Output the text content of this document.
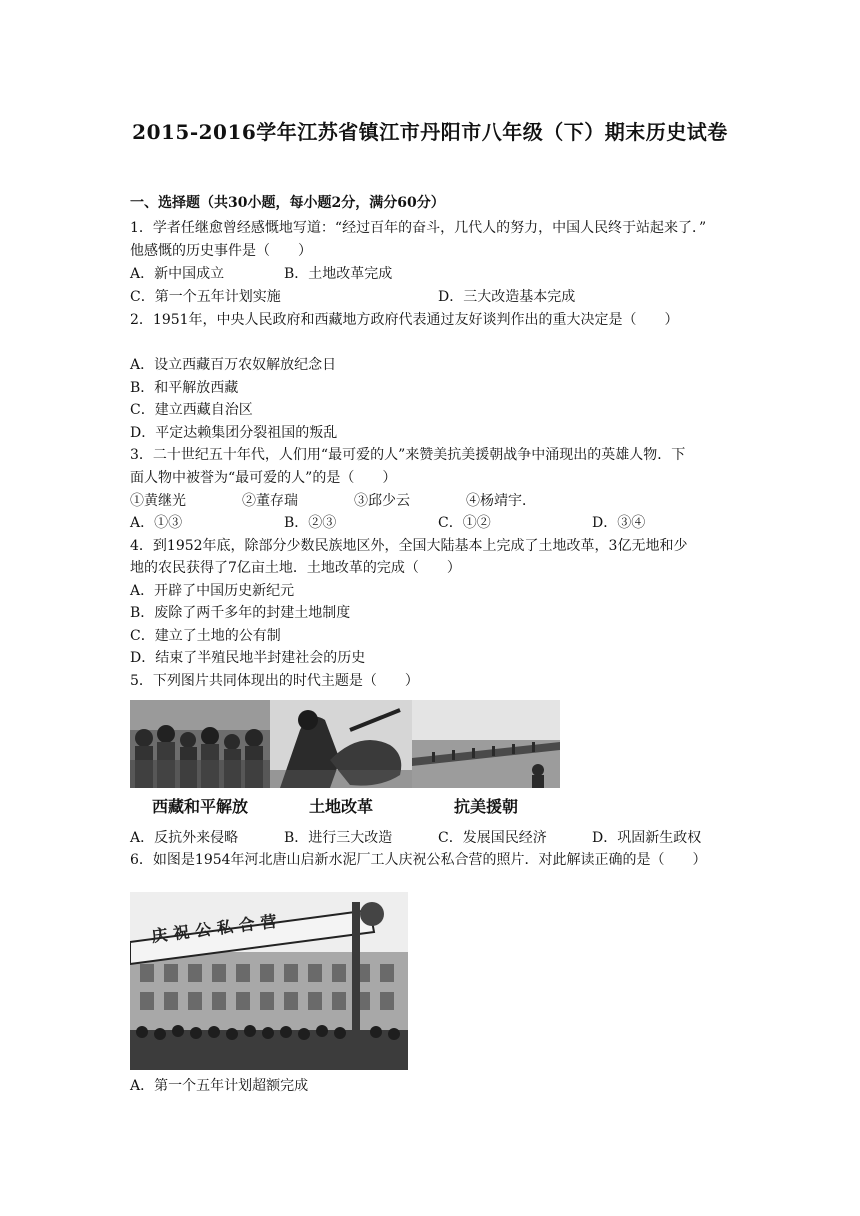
2015-2016学年江苏省镇江市丹阳市八年级（下）期末历史试卷
一、选择题（共30小题，每小题2分，满分60分）
1．学者任继愈曾经感慨地写道：“经过百年的奋斗，几代人的努力，中国人民终于站起来了．”
他感慨的历史事件是（　　）
A．新中国成立	B．土地改革完成
C．第一个五年计划实施	D．三大改造基本完成
2．1951年，中央人民政府和西藏地方政府代表通过友好谈判作出的重大决定是（　　）
A．设立西藏百万农奴解放纪念日
B．和平解放西藏
C．建立西藏自治区
D．平定达赖集团分裂祖国的叛乱
3．二十世纪五十年代，人们用“最可爱的人”来赞美抗美援朝战争中涌现出的英雄人物．下
面人物中被誉为“最可爱的人”的是（　　）
①黄继光	②董存瑞	③邱少云	④杨靖宇．
A．①③	B．②③	C．①②	D．③④
4．到1952年底，除部分少数民族地区外，全国大陆基本上完成了土地改革，3亿无地和少
地的农民获得了7亿亩土地．土地改革的完成（　　）
A．开辟了中国历史新纪元
B．废除了两千多年的封建土地制度
C．建立了土地的公有制
D．结束了半殖民地半封建社会的历史
5．下列图片共同体现出的时代主题是（　　）
西藏和平解放	土地改革	抗美援朝
A．反抗外来侵略	B．进行三大改造	C．发展国民经济	D．巩固新生政权
6．如图是1954年河北唐山启新水泥厂工人庆祝公私合营的照片．对此解读正确的是（　　）
庆祝公私合营
A．第一个五年计划超额完成
